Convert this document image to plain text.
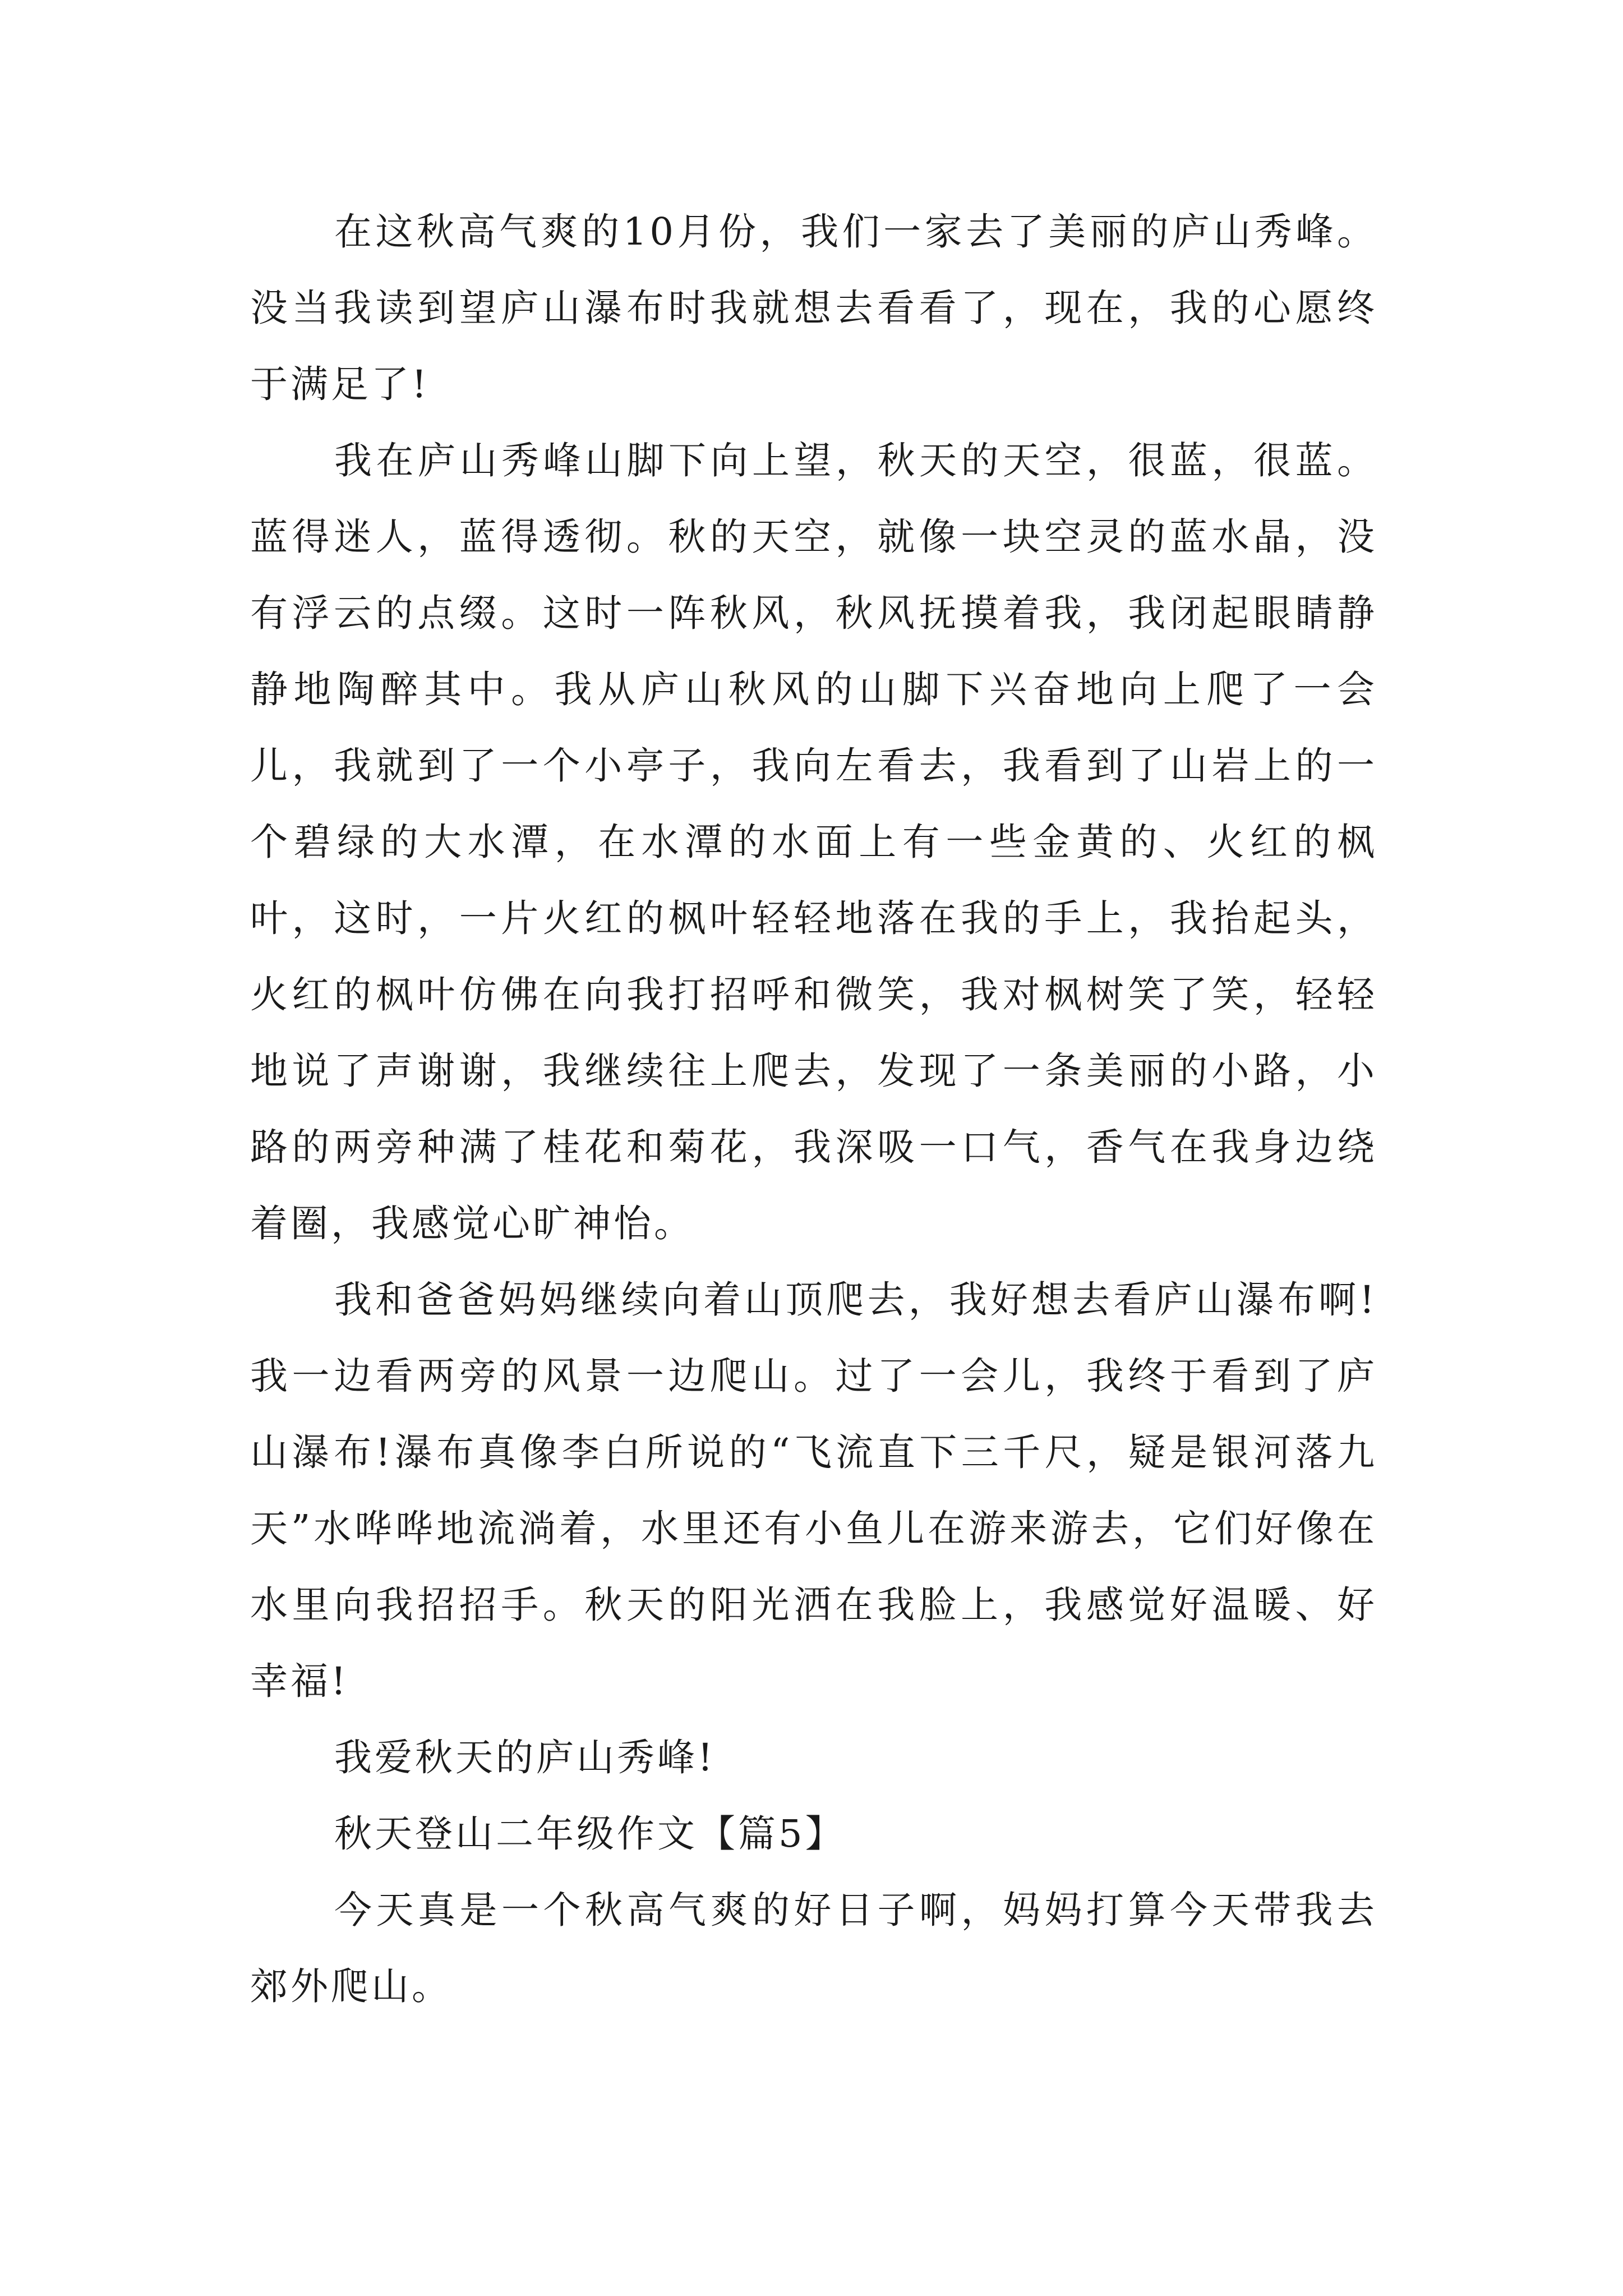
在这秋高气爽的10月份，我们一家去了美丽的庐山秀峰。没当我读到望庐山瀑布时我就想去看看了，现在，我的心愿终于满足了!

我在庐山秀峰山脚下向上望，秋天的天空，很蓝，很蓝。蓝得迷人，蓝得透彻。秋的天空，就像一块空灵的蓝水晶，没有浮云的点缀。这时一阵秋风，秋风抚摸着我，我闭起眼睛静静地陶醉其中。我从庐山秋风的山脚下兴奋地向上爬了一会儿，我就到了一个小亭子，我向左看去，我看到了山岩上的一个碧绿的大水潭，在水潭的水面上有一些金黄的、火红的枫叶，这时，一片火红的枫叶轻轻地落在我的手上，我抬起头，火红的枫叶仿佛在向我打招呼和微笑，我对枫树笑了笑，轻轻地说了声谢谢，我继续往上爬去，发现了一条美丽的小路，小路的两旁种满了桂花和菊花，我深吸一口气，香气在我身边绕着圈，我感觉心旷神怡。

我和爸爸妈妈继续向着山顶爬去，我好想去看庐山瀑布啊!我一边看两旁的风景一边爬山。过了一会儿，我终于看到了庐山瀑布!瀑布真像李白所说的“飞流直下三千尺，疑是银河落九天”水哗哗地流淌着，水里还有小鱼儿在游来游去，它们好像在水里向我招招手。秋天的阳光洒在我脸上，我感觉好温暖、好幸福!

我爱秋天的庐山秀峰!

秋天登山二年级作文【篇5】

今天真是一个秋高气爽的好日子啊，妈妈打算今天带我去郊外爬山。
